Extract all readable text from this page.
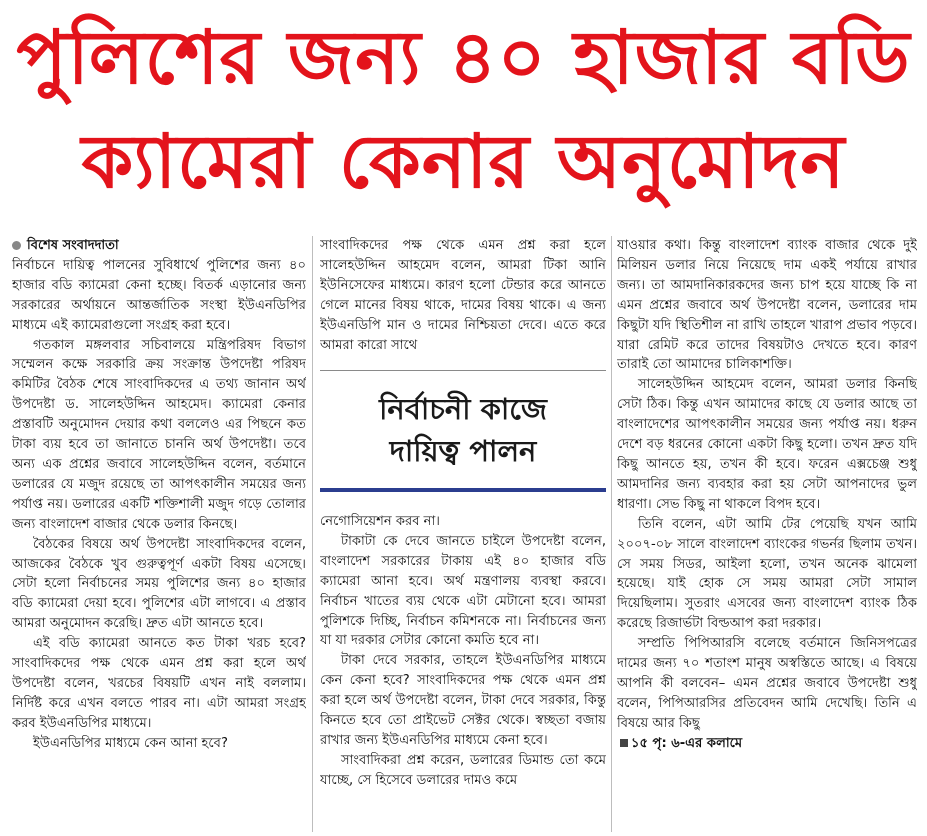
পুলিশের জন্য ৪০ হাজার বডি
ক্যামেরা কেনার অনুমোদন
বিশেষ সংবাদদাতা

নির্বাচনে দায়িত্ব পালনের সুবিধার্থে পুলিশের জন্য ৪০ হাজার বডি ক্যামেরা কেনা হচ্ছে। বিতর্ক এড়ানোর জন্য সরকারের অর্থায়নে আন্তর্জাতিক সংস্থা ইউএনডিপির মাধ্যমে এই ক্যামেরাগুলো সংগ্রহ করা হবে।

গতকাল মঙ্গলবার সচিবালয়ে মন্ত্রিপরিষদ বিভাগ সম্মেলন কক্ষে সরকারি ক্রয় সংক্রান্ত উপদেষ্টা পরিষদ কমিটির বৈঠক শেষে সাংবাদিকদের এ তথ্য জানান অর্থ উপদেষ্টা ড. সালেহউদ্দিন আহমেদ। ক্যামেরা কেনার প্রস্তাবটি অনুমোদন দেয়ার কথা বললেও এর পিছনে কত টাকা ব্যয় হবে তা জানাতে চাননি অর্থ উপদেষ্টা। তবে অন্য এক প্রশ্নের জবাবে সালেহউদ্দিন বলেন, বর্তমানে ডলারের যে মজুদ রয়েছে তা আপৎকালীন সময়ের জন্য পর্যাপ্ত নয়। ডলারের একটি শক্তিশালী মজুদ গড়ে তোলার জন্য বাংলাদেশ বাজার থেকে ডলার কিনছে।

বৈঠকের বিষয়ে অর্থ উপদেষ্টা সাংবাদিকদের বলেন, আজকের বৈঠকে খুব গুরুত্বপূর্ণ একটা বিষয় এসেছে। সেটা হলো নির্বাচনের সময় পুলিশের জন্য ৪০ হাজার বডি ক্যামেরা দেয়া হবে। পুলিশের এটা লাগবে। এ প্রস্তাব আমরা অনুমোদন করেছি। দ্রুত এটা আনতে হবে।

এই বডি ক্যামেরা আনতে কত টাকা খরচ হবে? সাংবাদিকদের পক্ষ থেকে এমন প্রশ্ন করা হলে অর্থ উপদেষ্টা বলেন, খরচের বিষয়টি এখন নাই বললাম। নির্দিষ্ট করে এখন বলতে পারব না। এটা আমরা সংগ্রহ করব ইউএনডিপির মাধ্যমে।

ইউএনডিপির মাধ্যমে কেন আনা হবে?

সাংবাদিকদের পক্ষ থেকে এমন প্রশ্ন করা হলে সালেহউদ্দিন আহমেদ বলেন, আমরা টিকা আনি ইউনিসেফের মাধ্যমে। কারণ হলো টেন্ডার করে আনতে গেলে মানের বিষয় থাকে, দামের বিষয় থাকে। এ জন্য ইউএনডিপি মান ও দামের নিশ্চিয়তা দেবে। এতে করে আমরা কারো সাথে

নির্বাচনী কাজে
দায়িত্ব পালন

নেগোসিয়েশন করব না।

টাকাটা কে দেবে জানতে চাইলে উপদেষ্টা বলেন, বাংলাদেশ সরকারের টাকায় এই ৪০ হাজার বডি ক্যামেরা আনা হবে। অর্থ মন্ত্রণালয় ব্যবস্থা করবে। নির্বাচন খাতের ব্যয় থেকে এটা মেটানো হবে। আমরা পুলিশকে দিচ্ছি, নির্বাচন কমিশনকে না। নির্বাচনের জন্য যা যা দরকার সেটার কোনো কমতি হবে না।

টাকা দেবে সরকার, তাহলে ইউএনডিপির মাধ্যমে কেন কেনা হবে? সাংবাদিকদের পক্ষ থেকে এমন প্রশ্ন করা হলে অর্থ উপদেষ্টা বলেন, টাকা দেবে সরকার, কিন্তু কিনতে হবে তো প্রাইভেট সেক্টর থেকে। স্বচ্ছতা বজায় রাখার জন্য ইউএনডিপির মাধ্যমে কেনা হবে।

সাংবাদিকরা প্রশ্ন করেন, ডলারের ডিমান্ড তো কমে যাচ্ছে, সে হিসেবে ডলারের দামও কমে

যাওয়ার কথা। কিন্তু বাংলাদেশ ব্যাংক বাজার থেকে দুই মিলিয়ন ডলার নিয়ে নিয়েছে দাম একই পর্যায়ে রাখার জন্য। তা আমদানিকারকদের জন্য চাপ হয়ে যাচ্ছে কি না এমন প্রশ্নের জবাবে অর্থ উপদেষ্টা বলেন, ডলারের দাম কিছুটা যদি স্থিতিশীল না রাখি তাহলে খারাপ প্রভাব পড়বে। যারা রেমিট করে তাদের বিষয়টাও দেখতে হবে। কারণ তারাই তো আমাদের চালিকাশক্তি।

সালেহউদ্দিন আহমেদ বলেন, আমরা ডলার কিনছি সেটা ঠিক। কিন্তু এখন আমাদের কাছে যে ডলার আছে তা বাংলাদেশের আপৎকালীন সময়ের জন্য পর্যাপ্ত নয়। ধরুন দেশে বড় ধরনের কোনো একটা কিছু হলো। তখন দ্রুত যদি কিছু আনতে হয়, তখন কী হবে। ফরেন এক্সচেঞ্জ শুধু আমদানির জন্য ব্যবহার করা হয় সেটা আপনাদের ভুল ধারণা। সেভ কিছু না থাকলে বিপদ হবে।

তিনি বলেন, এটা আমি টের পেয়েছি যখন আমি ২০০৭-০৮ সালে বাংলাদেশ ব্যাংকের গভর্নর ছিলাম তখন। সে সময় সিডর, আইলা হলো, তখন অনেক ঝামেলা হয়েছে। যাই হোক সে সময় আমরা সেটা সামাল দিয়েছিলাম। সুতরাং এসবের জন্য বাংলাদেশ ব্যাংক ঠিক করেছে রিজার্ভটা বিল্ডআপ করা দরকার।

সম্প্রতি পিপিআরসি বলেছে বর্তমানে জিনিসপত্রের দামের জন্য ৭০ শতাংশ মানুষ অস্বস্তিতে আছে। এ বিষয়ে আপনি কী বলবেন– এমন প্রশ্নের জবাবে উপদেষ্টা শুধু বলেন, পিপিআরসির প্রতিবেদন আমি দেখেছি। তিনি এ বিষয়ে আর কিছু

১৫ পৃ: ৬-এর কলামে
